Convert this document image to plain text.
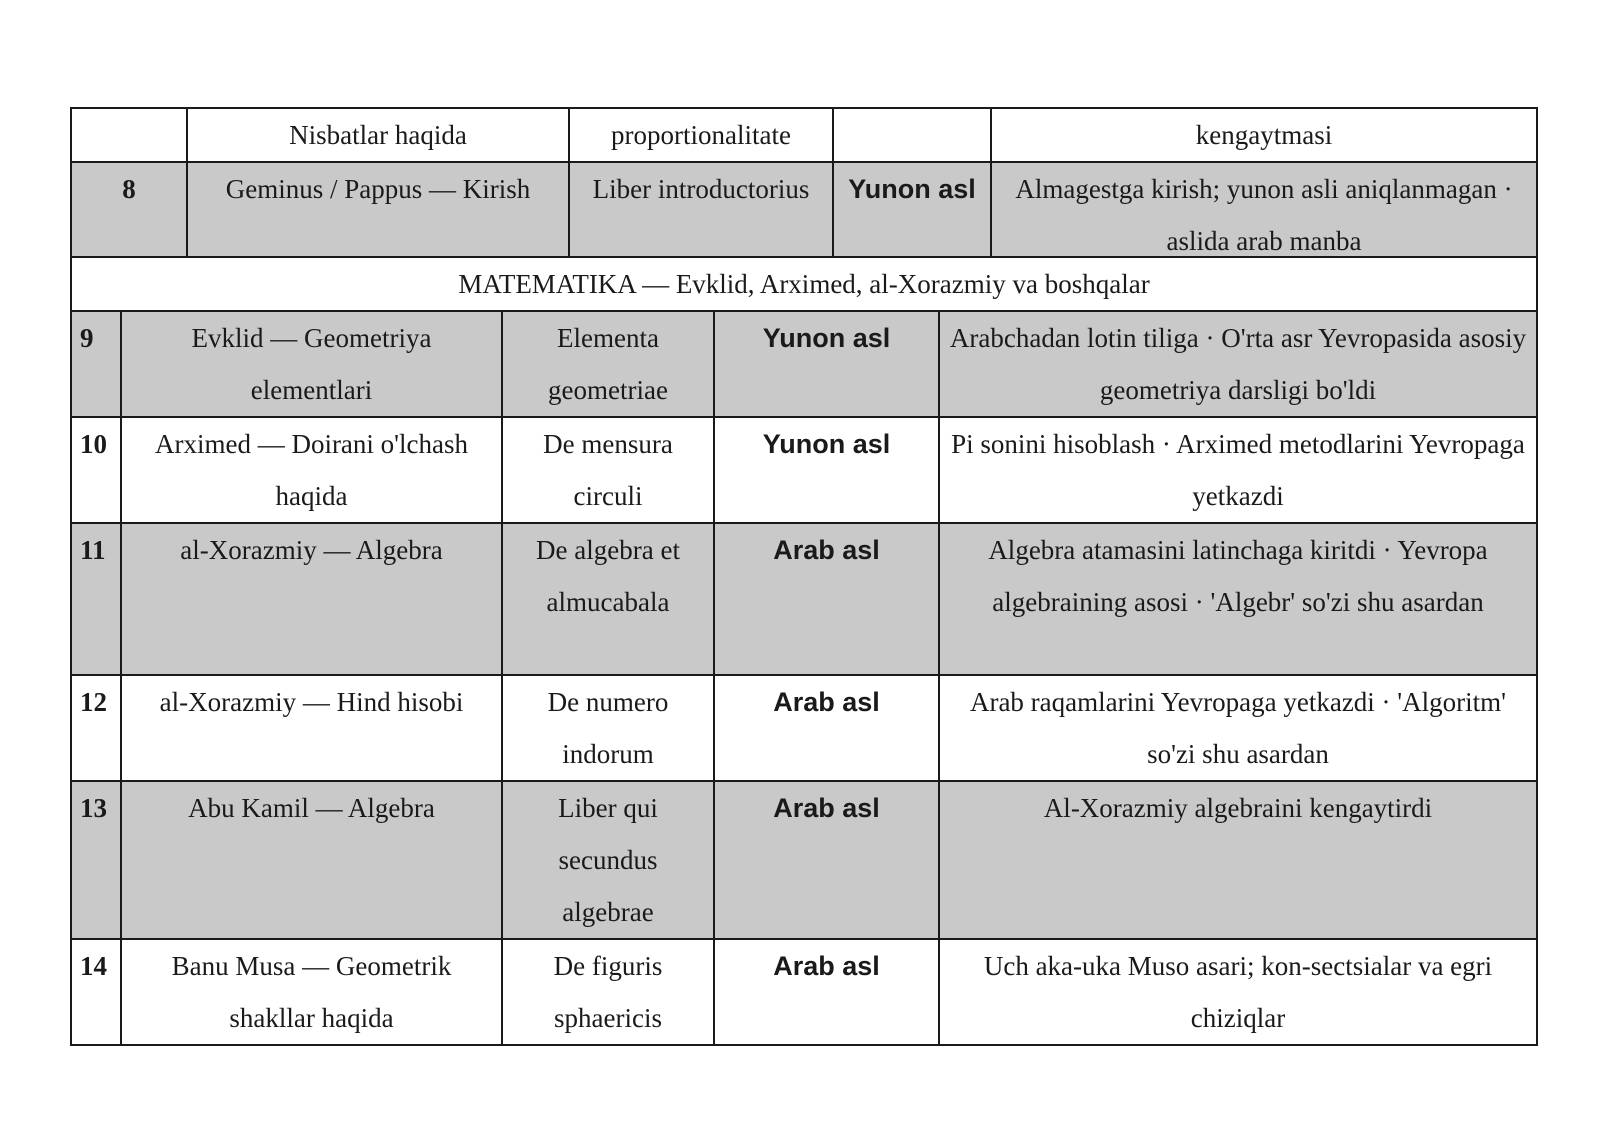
	Nisbatlar haqida	proportionalitate		kengaytmasi
8	Geminus / Pappus — Kirish	Liber introductorius	Yunon asl	Almagestga kirish; yunon asli aniqlanmagan · aslida arab manba
MATEMATIKA — Evklid, Arximed, al-Xorazmiy va boshqalar				
9	Evklid — Geometriya elementlari	Elementa geometriae	Yunon asl	Arabchadan lotin tiliga · O'rta asr Yevropasida asosiy geometriya darsligi bo'ldi
10	Arximed — Doirani o'lchash haqida	De mensura circuli	Yunon asl	Pi sonini hisoblash · Arximed metodlarini Yevropaga yetkazdi
11	al-Xorazmiy — Algebra	De algebra et almucabala	Arab asl	Algebra atamasini latinchaga kiritdi · Yevropa algebraining asosi · 'Algebr' so'zi shu asardan
12	al-Xorazmiy — Hind hisobi	De numero indorum	Arab asl	Arab raqamlarini Yevropaga yetkazdi · 'Algoritm' so'zi shu asardan
13	Abu Kamil — Algebra	Liber qui secundus algebrae	Arab asl	Al-Xorazmiy algebraini kengaytirdi
14	Banu Musa — Geometrik shakllar haqida	De figuris sphaericis	Arab asl	Uch aka-uka Muso asari; kon-sectsialar va egri chiziqlar
